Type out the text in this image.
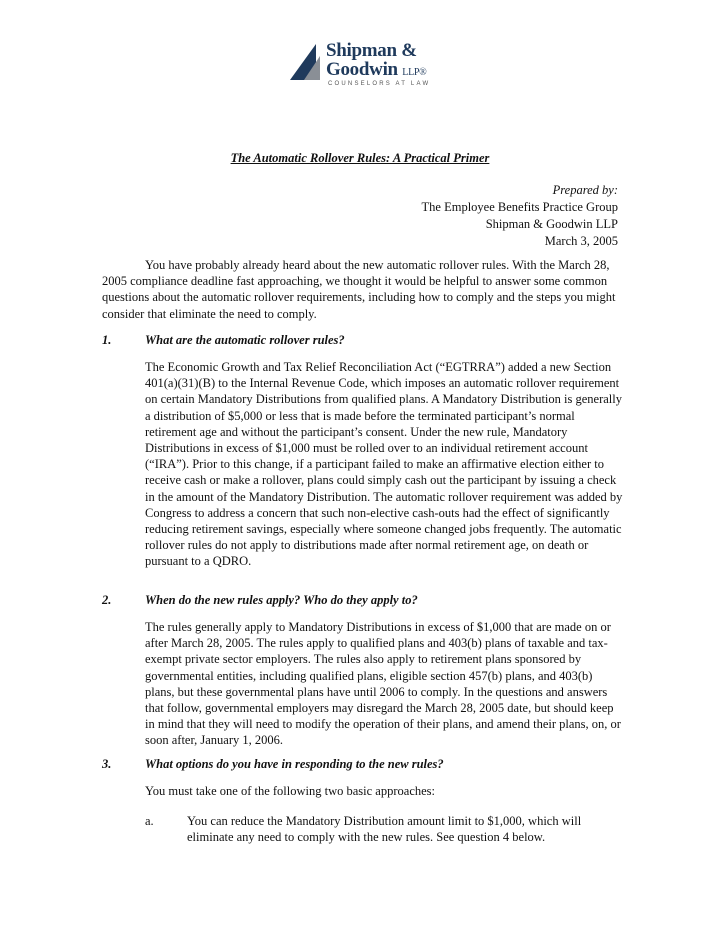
Shipman &
Goodwin LLP®
COUNSELORS AT LAW
The Automatic Rollover Rules: A Practical Primer
Prepared by:
The Employee Benefits Practice Group
Shipman & Goodwin LLP
March 3, 2005
You have probably already heard about the new automatic rollover rules. With the March 28, 2005 compliance deadline fast approaching, we thought it would be helpful to answer some common questions about the automatic rollover requirements, including how to comply and the steps you might consider that eliminate the need to comply.
1.	What are the automatic rollover rules?
The Economic Growth and Tax Relief Reconciliation Act (“EGTRRA”) added a new Section 401(a)(31)(B) to the Internal Revenue Code, which imposes an automatic rollover requirement on certain Mandatory Distributions from qualified plans. A Mandatory Distribution is generally a distribution of $5,000 or less that is made before the terminated participant’s normal retirement age and without the participant’s consent. Under the new rule, Mandatory Distributions in excess of $1,000 must be rolled over to an individual retirement account (“IRA”). Prior to this change, if a participant failed to make an affirmative election either to receive cash or make a rollover, plans could simply cash out the participant by issuing a check in the amount of the Mandatory Distribution. The automatic rollover requirement was added by Congress to address a concern that such non-elective cash-outs had the effect of significantly reducing retirement savings, especially where someone changed jobs frequently. The automatic rollover rules do not apply to distributions made after normal retirement age, on death or pursuant to a QDRO.
2.	When do the new rules apply? Who do they apply to?
The rules generally apply to Mandatory Distributions in excess of $1,000 that are made on or after March 28, 2005. The rules apply to qualified plans and 403(b) plans of taxable and tax-exempt private sector employers. The rules also apply to retirement plans sponsored by governmental entities, including qualified plans, eligible section 457(b) plans, and 403(b) plans, but these governmental plans have until 2006 to comply. In the questions and answers that follow, governmental employers may disregard the March 28, 2005 date, but should keep in mind that they will need to modify the operation of their plans, and amend their plans, on, or soon after, January 1, 2006.
3.	What options do you have in responding to the new rules?
You must take one of the following two basic approaches:
a.	You can reduce the Mandatory Distribution amount limit to $1,000, which will eliminate any need to comply with the new rules. See question 4 below.
